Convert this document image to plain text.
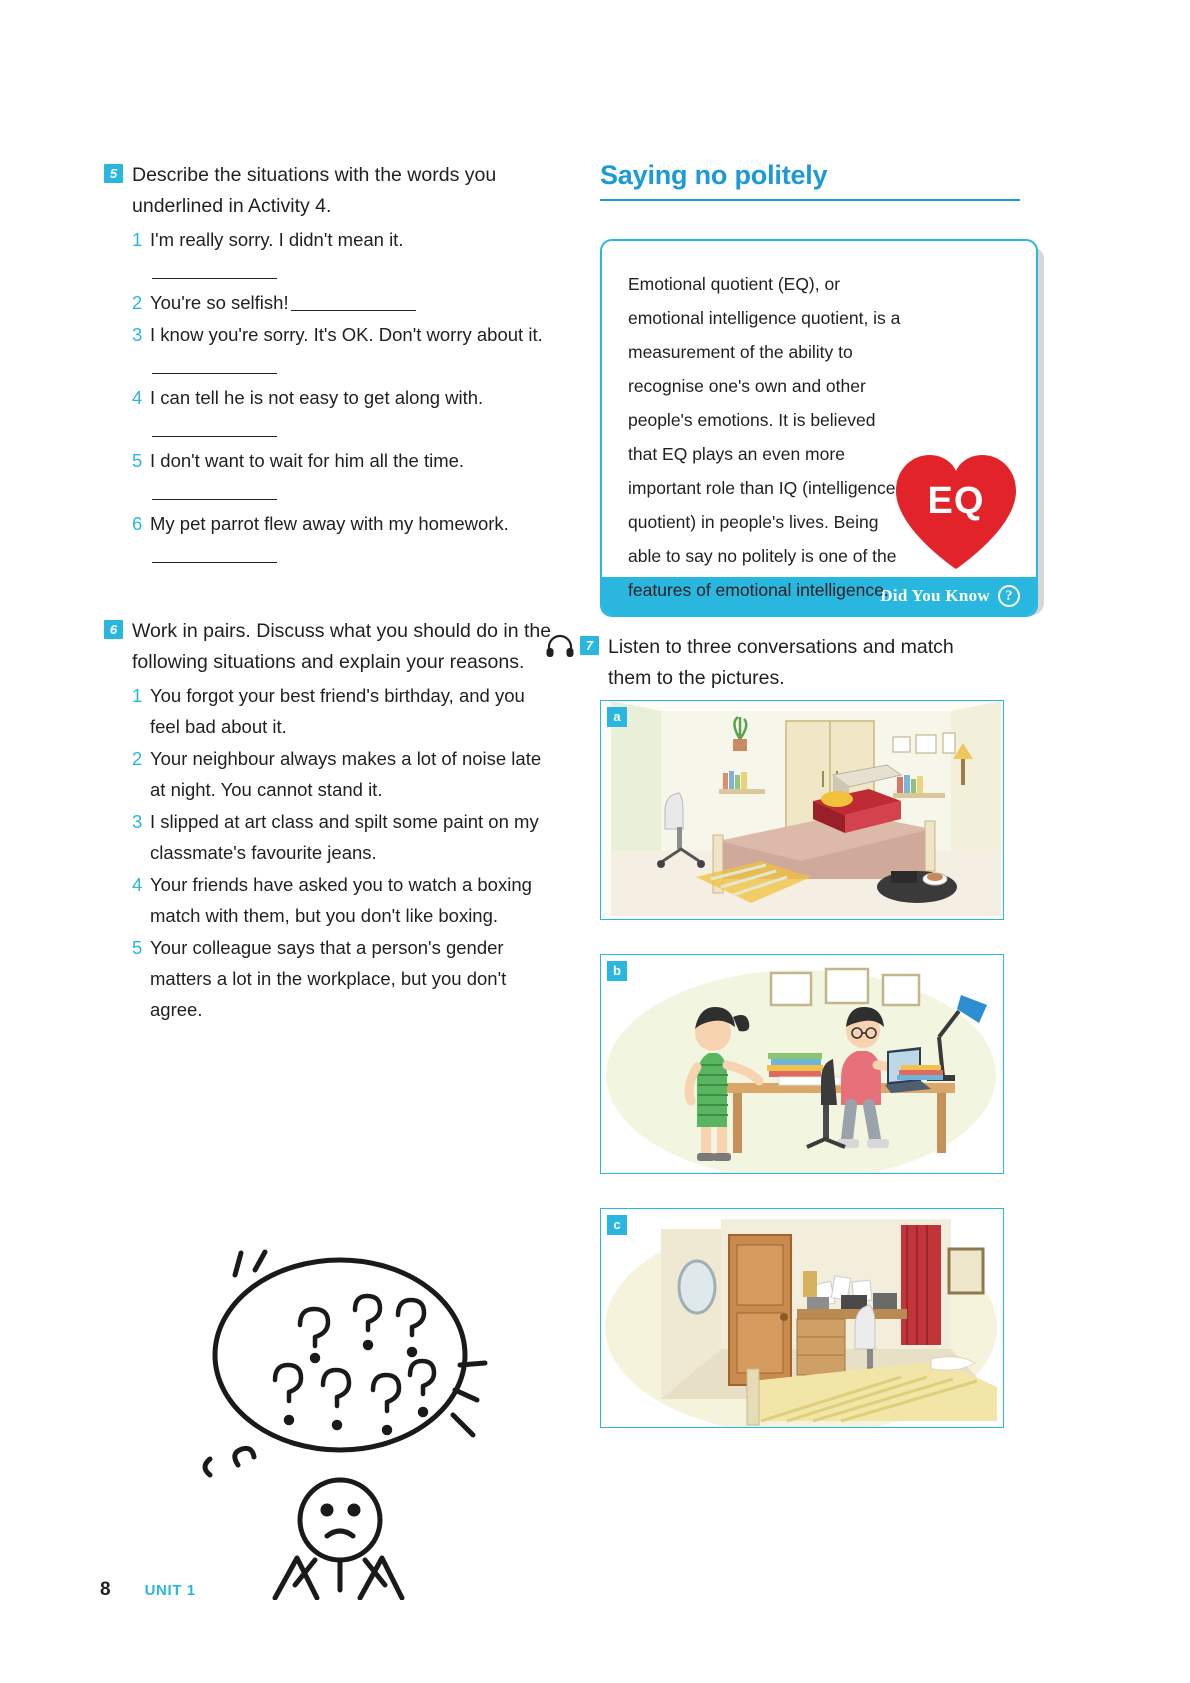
5 Describe the situations with the words you underlined in Activity 4.
1 I'm really sorry. I didn't mean it.

2 You're so selfish!
3 I know you're sorry. It's OK. Don't worry about it.
4 I can tell he is not easy to get along with.
5 I don't want to wait for him all the time.

6 My pet parrot flew away with my homework.
6 Work in pairs. Discuss what you should do in the following situations and explain your reasons.
1 You forgot your best friend's birthday, and you feel bad about it.
2 Your neighbour always makes a lot of noise late at night. You cannot stand it.
3 I slipped at art class and spilt some paint on my classmate's favourite jeans.
4 Your friends have asked you to watch a boxing match with them, but you don't like boxing.
5 Your colleague says that a person's gender matters a lot in the workplace, but you don't agree.
Saying no politely
Emotional quotient (EQ), or emotional intelligence quotient, is a measurement of the ability to recognise one's own and other people's emotions. It is believed that EQ plays an even more important role than IQ (intelligence quotient) in people's lives. Being able to say no politely is one of the features of emotional intelligence.
EQ
Did You Know	?
7 Listen to three conversations and match them to the pictures.
a
b
c
8 UNIT 1
